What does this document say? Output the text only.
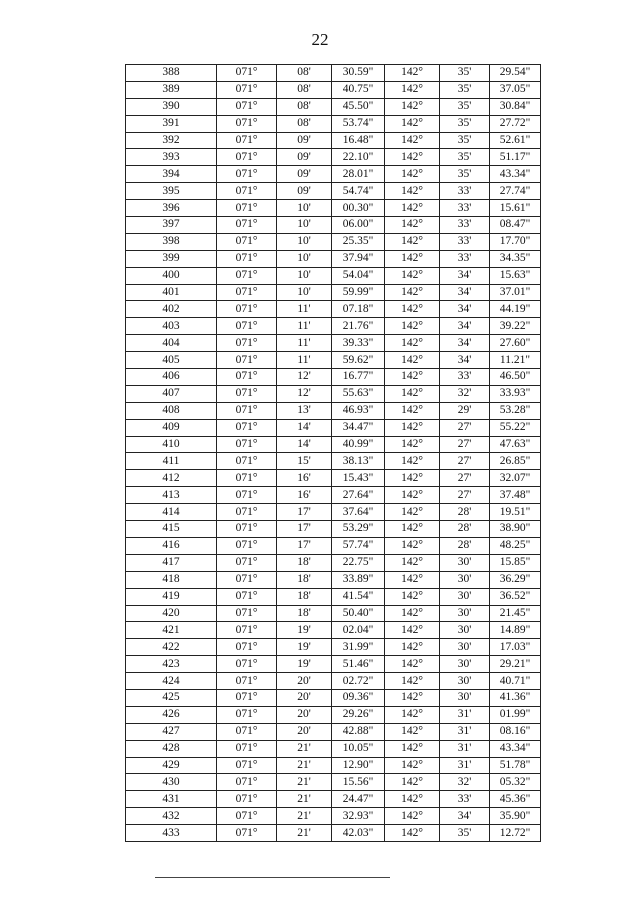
22
388	071°	08'	30.59"	142°	35'	29.54"
389	071°	08'	40.75"	142°	35'	37.05"
390	071°	08'	45.50"	142°	35'	30.84"
391	071°	08'	53.74"	142°	35'	27.72"
392	071°	09'	16.48"	142°	35'	52.61"
393	071°	09'	22.10"	142°	35'	51.17"
394	071°	09'	28.01"	142°	35'	43.34"
395	071°	09'	54.74"	142°	33'	27.74"
396	071°	10'	00.30"	142°	33'	15.61"
397	071°	10'	06.00"	142°	33'	08.47"
398	071°	10'	25.35"	142°	33'	17.70"
399	071°	10'	37.94"	142°	33'	34.35"
400	071°	10'	54.04"	142°	34'	15.63"
401	071°	10'	59.99"	142°	34'	37.01"
402	071°	11'	07.18"	142°	34'	44.19"
403	071°	11'	21.76"	142°	34'	39.22"
404	071°	11'	39.33"	142°	34'	27.60"
405	071°	11'	59.62"	142°	34'	11.21"
406	071°	12'	16.77"	142°	33'	46.50"
407	071°	12'	55.63"	142°	32'	33.93"
408	071°	13'	46.93"	142°	29'	53.28"
409	071°	14'	34.47"	142°	27'	55.22"
410	071°	14'	40.99"	142°	27'	47.63"
411	071°	15'	38.13"	142°	27'	26.85"
412	071°	16'	15.43"	142°	27'	32.07"
413	071°	16'	27.64"	142°	27'	37.48"
414	071°	17'	37.64"	142°	28'	19.51"
415	071°	17'	53.29"	142°	28'	38.90"
416	071°	17'	57.74"	142°	28'	48.25"
417	071°	18'	22.75"	142°	30'	15.85"
418	071°	18'	33.89"	142°	30'	36.29"
419	071°	18'	41.54"	142°	30'	36.52"
420	071°	18'	50.40"	142°	30'	21.45"
421	071°	19'	02.04"	142°	30'	14.89"
422	071°	19'	31.99"	142°	30'	17.03"
423	071°	19'	51.46"	142°	30'	29.21"
424	071°	20'	02.72"	142°	30'	40.71"
425	071°	20'	09.36"	142°	30'	41.36"
426	071°	20'	29.26"	142°	31'	01.99"
427	071°	20'	42.88"	142°	31'	08.16"
428	071°	21'	10.05"	142°	31'	43.34"
429	071°	21'	12.90"	142°	31'	51.78"
430	071°	21'	15.56"	142°	32'	05.32"
431	071°	21'	24.47"	142°	33'	45.36"
432	071°	21'	32.93"	142°	34'	35.90"
433	071°	21'	42.03"	142°	35'	12.72"
